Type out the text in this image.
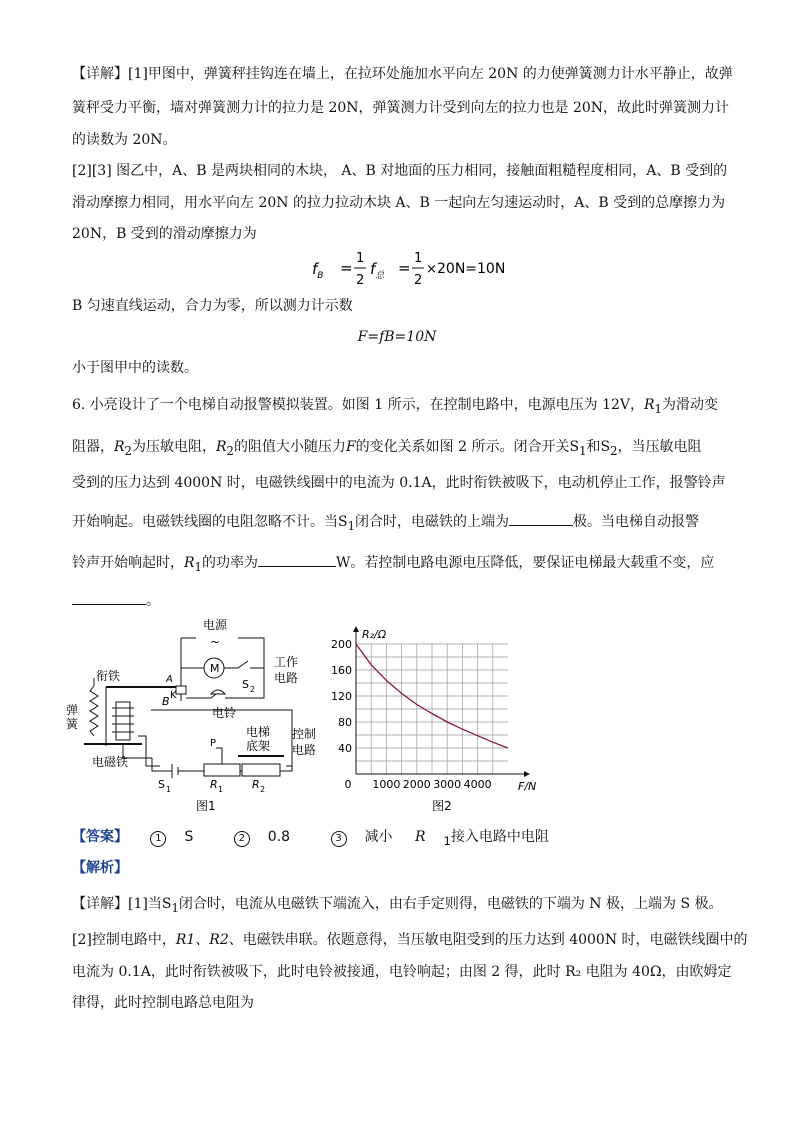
【详解】[1]甲图中，弹簧秤挂钩连在墙上，在拉环处施加水平向左 20N 的力使弹簧测力计水平静止，故弹
簧秤受力平衡，墙对弹簧测力计的拉力是 20N，弹簧测力计受到向左的拉力也是 20N，故此时弹簧测力计
的读数为 20N。
[2][3] 图乙中，A、B 是两块相同的木块， A、B 对地面的压力相同，接触面粗糙程度相同，A、B 受到的
滑动摩擦力相同，用水平向左 20N 的拉力拉动木块 A、B 一起向左匀速运动时，A、B 受到的总摩擦力为
20N，B 受到的滑动摩擦力为
$f_B$ =
1
2
$f_总$ =
1
2
× 20N=10N
B 匀速直线运动，合力为零，所以测力计示数
F=fB=10N
小于图甲中的读数。
6. 小亮设计了一个电梯自动报警模拟装置。如图 1 所示，在控制电路中，电源电压为 12V，$R_1$为滑动变
阻器，$R_2$为压敏电阻，$R_2$的阻值大小随压力F的变化关系如图 2 所示。闭合开关$S_1$和$S_2$，当压敏电阻
受到的压力达到 4000N 时，电磁铁线圈中的电流为 0.1A，此时衔铁被吸下，电动机停止工作，报警铃声
开始响起。电磁铁线圈的电阻忽略不计。当$S_1$闭合时，电磁铁的上端为	极。当电梯自动报警
铃声开始响起时，$R_1$的功率为	W。若控制电路电源电压降低，要保证电梯最大载重不变，应
。
电源
~
M	工作
电路
衔铁
弹
簧
A
K
B
S 2
电铃
电梯
底架
控制
电路
P
电磁铁
S 1	R 1	R 2
图1
0 1000 2000 3000 4000
40
80
120
160
200
F/N
R₂/Ω
图2
【答案】	1 S	2 0.8	3 减小 R $_1$接入电路中电阻
【解析】
【详解】[1]当$S_1$闭合时，电流从电磁铁下端流入，由右手定则得，电磁铁的下端为 N 极，上端为 S 极。
[2]控制电路中，R1、R2、电磁铁串联。依题意得，当压敏电阻受到的压力达到 4000N 时，电磁铁线圈中的
电流为 0.1A，此时衔铁被吸下，此时电铃被接通，电铃响起；由图 2 得，此时 R₂ 电阻为 40Ω，由欧姆定
律得，此时控制电路总电阻为
